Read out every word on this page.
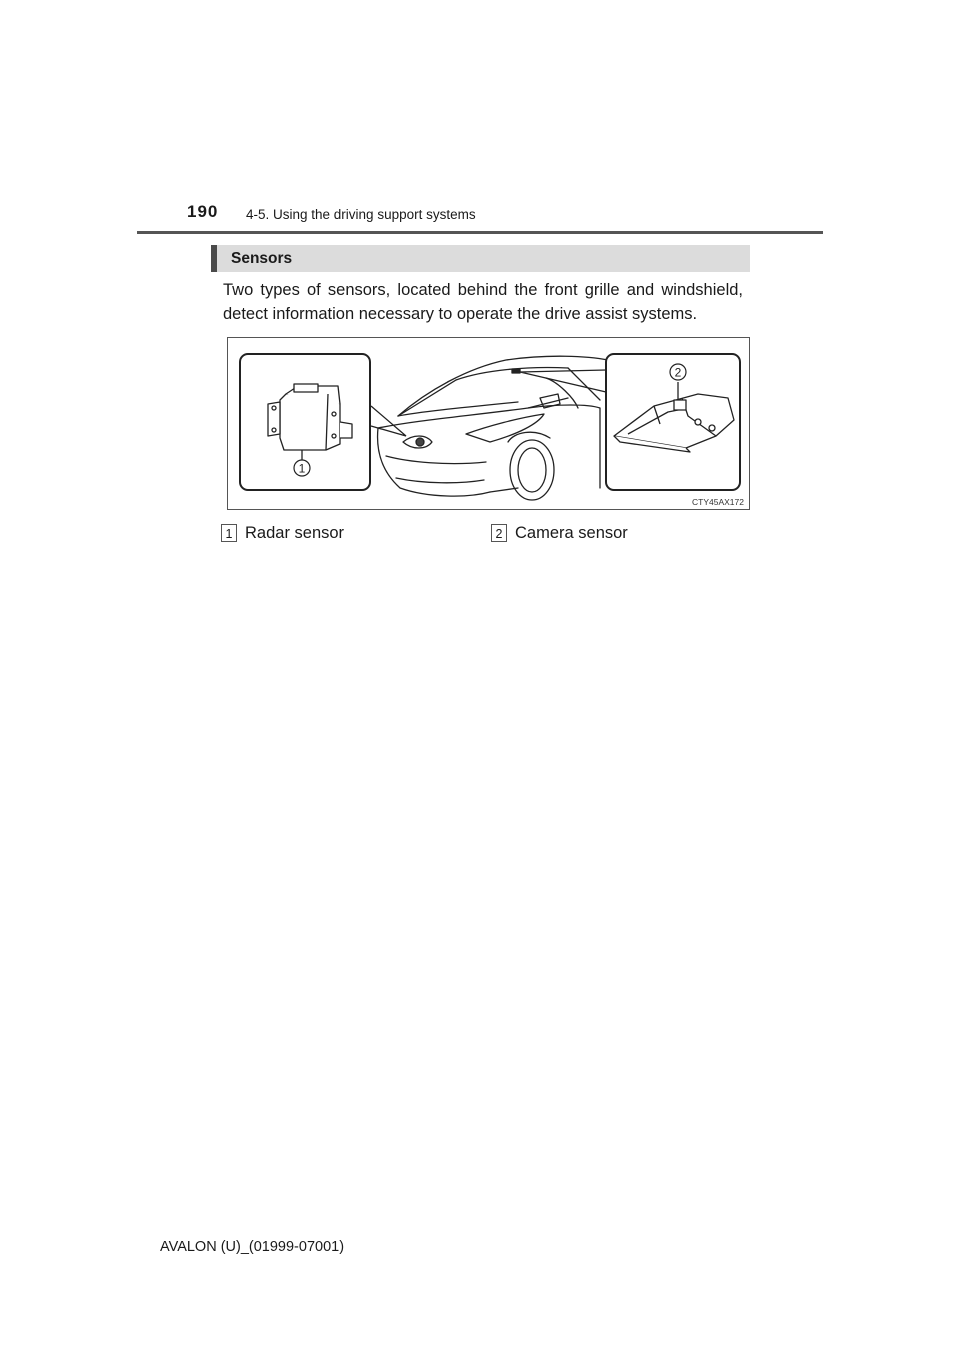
190 4-5. Using the driving support systems
Sensors
Two types of sensors, located behind the front grille and windshield, detect information necessary to operate the drive assist systems.
1
2
CTY45AX172
1 Radar sensor	2 Camera sensor
AVALON (U)_(01999-07001)
